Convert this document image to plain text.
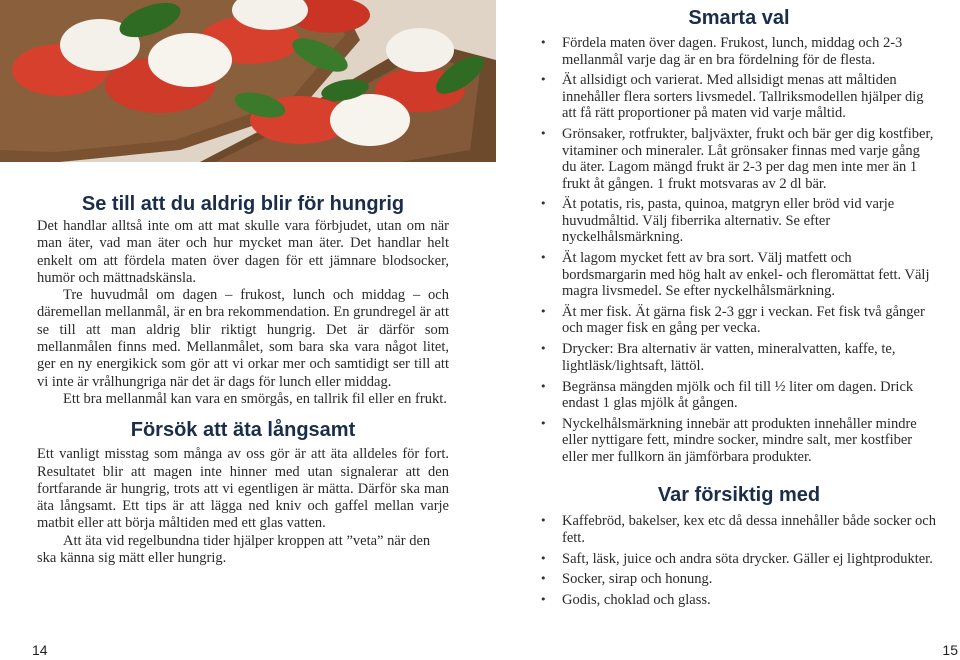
Se till att du aldrig blir för hungrig

Det handlar alltså inte om att mat skulle vara förbjudet, utan om när man äter, vad man äter och hur mycket man äter. Det handlar helt enkelt om att fördela maten över dagen för ett jämnare blodsocker, humör och mättnadskänsla.

Tre huvudmål om dagen – frukost, lunch och middag – och däremellan mellanmål, är en bra rekommendation. En grundregel är att se till att man aldrig blir riktigt hungrig. Det är därför som mellanmålen finns med. Mellanmålet, som bara ska vara något litet, ger en ny energikick som gör att vi orkar mer och samtidigt ser till att vi inte är vrålhungriga när det är dags för lunch eller middag.

Ett bra mellanmål kan vara en smörgås, en tallrik fil eller en frukt.

Försök att äta långsamt

Ett vanligt misstag som många av oss gör är att äta alldeles för fort. Resultatet blir att magen inte hinner med utan signalerar att den fortfarande är hungrig, trots att vi egentligen är mätta. Därför ska man äta långsamt. Ett tips är att lägga ned kniv och gaffel mellan varje matbit eller att börja måltiden med ett glas vatten.

Att äta vid regelbundna tider hjälper kroppen att ”veta” när den ska känna sig mätt eller hungrig.

Smarta val
• Fördela maten över dagen. Frukost, lunch, middag och 2-3 mellanmål varje dag är en bra fördelning för de flesta.
• Ät allsidigt och varierat. Med allsidigt menas att måltiden innehåller flera sorters livsmedel. Tallriksmodellen hjälper dig att få rätt proportioner på maten vid varje måltid.
• Grönsaker, rotfrukter, baljväxter, frukt och bär ger dig kostfiber, vitaminer och mineraler. Låt grönsaker finnas med varje gång du äter. Lagom mängd frukt är 2-3 per dag men inte mer än 1 frukt åt gången. 1 frukt motsvaras av 2 dl bär.
• Ät potatis, ris, pasta, quinoa, matgryn eller bröd vid varje huvudmåltid. Välj fiberrika alternativ. Se efter nyckelhålsmärkning.
• Ät lagom mycket fett av bra sort. Välj matfett och bordsmargarin med hög halt av enkel- och fleromättat fett. Välj magra livsmedel. Se efter nyckelhålsmärkning.
• Ät mer fisk. Ät gärna fisk 2-3 ggr i veckan. Fet fisk två gånger och mager fisk en gång per vecka.
• Drycker: Bra alternativ är vatten, mineralvatten, kaffe, te, lightläsk/lightsaft, lättöl.
• Begränsa mängden mjölk och fil till ½ liter om dagen. Drick endast 1 glas mjölk åt gången.
• Nyckelhålsmärkning innebär att produkten innehåller mindre eller nyttigare fett, mindre socker, mindre salt, mer kostfiber eller mer fullkorn än jämförbara produkter.
Var försiktig med
• Kaffebröd, bakelser, kex etc då dessa innehåller både socker och fett.
• Saft, läsk, juice och andra söta drycker. Gäller ej lightprodukter.
• Socker, sirap och honung.
• Godis, choklad och glass.
14	15
